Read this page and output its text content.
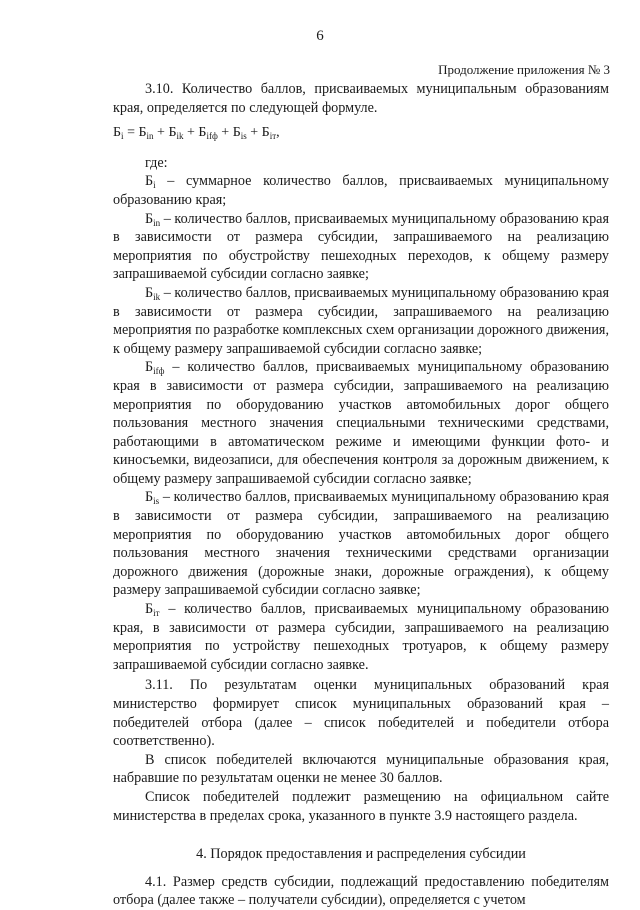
6
Продолжение приложения № 3

3.10. Количество баллов, присваиваемых муниципальным образованиям края, определяется по следующей формуле.

$Б_i = Б_{in} + Б_{ik} + Б_{ifф} + Б_{is} + Б_{iт}$,

где:

$Б_i$ – суммарное количество баллов, присваиваемых муниципальному образованию края;

$Б_{in}$ – количество баллов, присваиваемых муниципальному образованию края в зависимости от размера субсидии, запрашиваемого на реализацию мероприятия по обустройству пешеходных переходов, к общему размеру запрашиваемой субсидии согласно заявке;

$Б_{ik}$ – количество баллов, присваиваемых муниципальному образованию края в зависимости от размера субсидии, запрашиваемого на реализацию мероприятия по разработке комплексных схем организации дорожного движения, к общему размеру запрашиваемой субсидии согласно заявке;

$Б_{ifф}$ – количество баллов, присваиваемых муниципальному образованию края в зависимости от размера субсидии, запрашиваемого на реализацию мероприятия по оборудованию участков автомобильных дорог общего пользования местного значения специальными техническими средствами, работающими в автоматическом режиме и имеющими функции фото- и киносъемки, видеозаписи, для обеспечения контроля за дорожным движением, к общему размеру запрашиваемой субсидии согласно заявке;

$Б_{is}$ – количество баллов, присваиваемых муниципальному образованию края в зависимости от размера субсидии, запрашиваемого на реализацию мероприятия по оборудованию участков автомобильных дорог общего пользования местного значения техническими средствами организации дорожного движения (дорожные знаки, дорожные ограждения), к общему размеру запрашиваемой субсидии согласно заявке;

$Б_{iт}$ – количество баллов, присваиваемых муниципальному образованию края, в зависимости от размера субсидии, запрашиваемого на реализацию мероприятия по устройству пешеходных тротуаров, к общему размеру запрашиваемой субсидии согласно заявке.

3.11. По результатам оценки муниципальных образований края министерство формирует список муниципальных образований края – победителей отбора (далее – список победителей и победители отбора соответственно).

В список победителей включаются муниципальные образования края, набравшие по результатам оценки не менее 30 баллов.

Список победителей подлежит размещению на официальном сайте министерства в пределах срока, указанного в пункте 3.9 настоящего раздела.

4. Порядок предоставления и распределения субсидии

4.1. Размер средств субсидии, подлежащий предоставлению победителям отбора (далее также – получатели субсидии), определяется с учетом
